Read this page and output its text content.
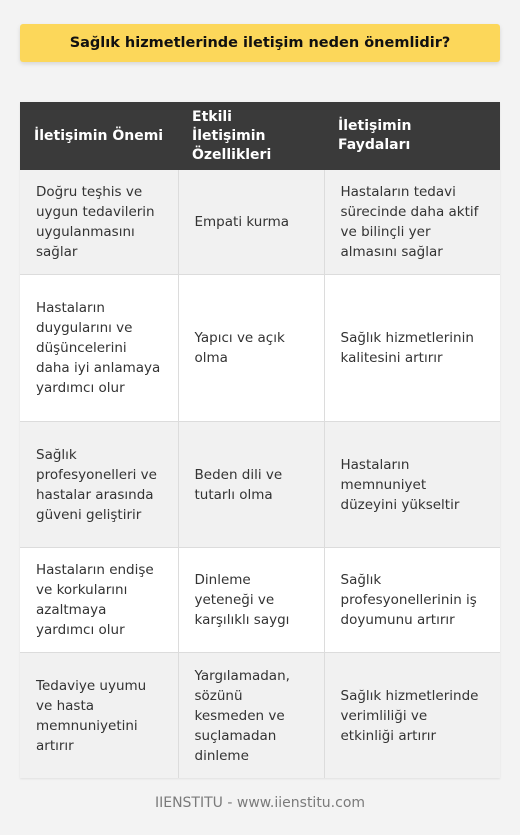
Sağlık hizmetlerinde iletişim neden önemlidir?
İletişimin Önemi	Etkili İletişimin Özellikleri	İletişimin Faydaları
Doğru teşhis ve uygun tedavilerin uygulanmasını sağlar	Empati kurma	Hastaların tedavi sürecinde daha aktif ve bilinçli yer almasını sağlar
Hastaların duygularını ve düşüncelerini daha iyi anlamaya yardımcı olur	Yapıcı ve açık olma	Sağlık hizmetlerinin kalitesini artırır
Sağlık profesyonelleri ve hastalar arasında güveni geliştirir	Beden dili ve tutarlı olma	Hastaların memnuniyet düzeyini yükseltir
Hastaların endişe ve korkularını azaltmaya yardımcı olur	Dinleme yeteneği ve karşılıklı saygı	Sağlık profesyonellerinin iş doyumunu artırır
Tedaviye uyumu ve hasta memnuniyetini artırır	Yargılamadan, sözünü kesmeden ve suçlamadan dinleme	Sağlık hizmetlerinde verimliliği ve etkinliği artırır
IIENSTITU - www.iienstitu.com
